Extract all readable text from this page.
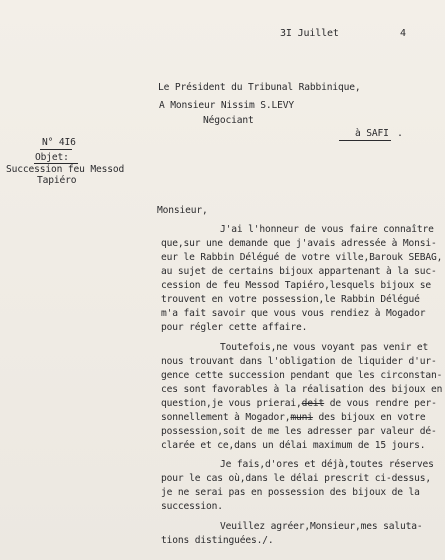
3I Juillet	4
Le Président du Tribunal Rabbinique,
A Monsieur Nissim S.LEVY
Négociant
à SAFI .
N° 4I6
Objet:
Succession feu Messod
Tapiéro
Monsieur,
J'ai l'honneur de vous faire connaître
que,sur une demande que j'avais adressée à Monsi-
eur le Rabbin Délégué de votre ville,Barouk SEBAG,
au sujet de certains bijoux appartenant à la suc-
cession de feu Messod Tapiéro,lesquels bijoux se
trouvent en votre possession,le Rabbin Délégué
m'a fait savoir que vous vous rendiez à Mogador
pour régler cette affaire.
Toutefois,ne vous voyant pas venir et
nous trouvant dans l'obligation de liquider d'ur-
gence cette succession pendant que les circonstan-
ces sont favorables à la réalisation des bijoux en
question,je vous prierai,deit de vous rendre per-
sonnellement à Mogador,muni des bijoux en votre
possession,soit de me les adresser par valeur dé-
clarée et ce,dans un délai maximum de 15 jours.
Je fais,d'ores et déjà,toutes réserves
pour le cas où,dans le délai prescrit ci-dessus,
je ne serai pas en possession des bijoux de la
succession.
Veuillez agréer,Monsieur,mes saluta-
tions distinguées./.
